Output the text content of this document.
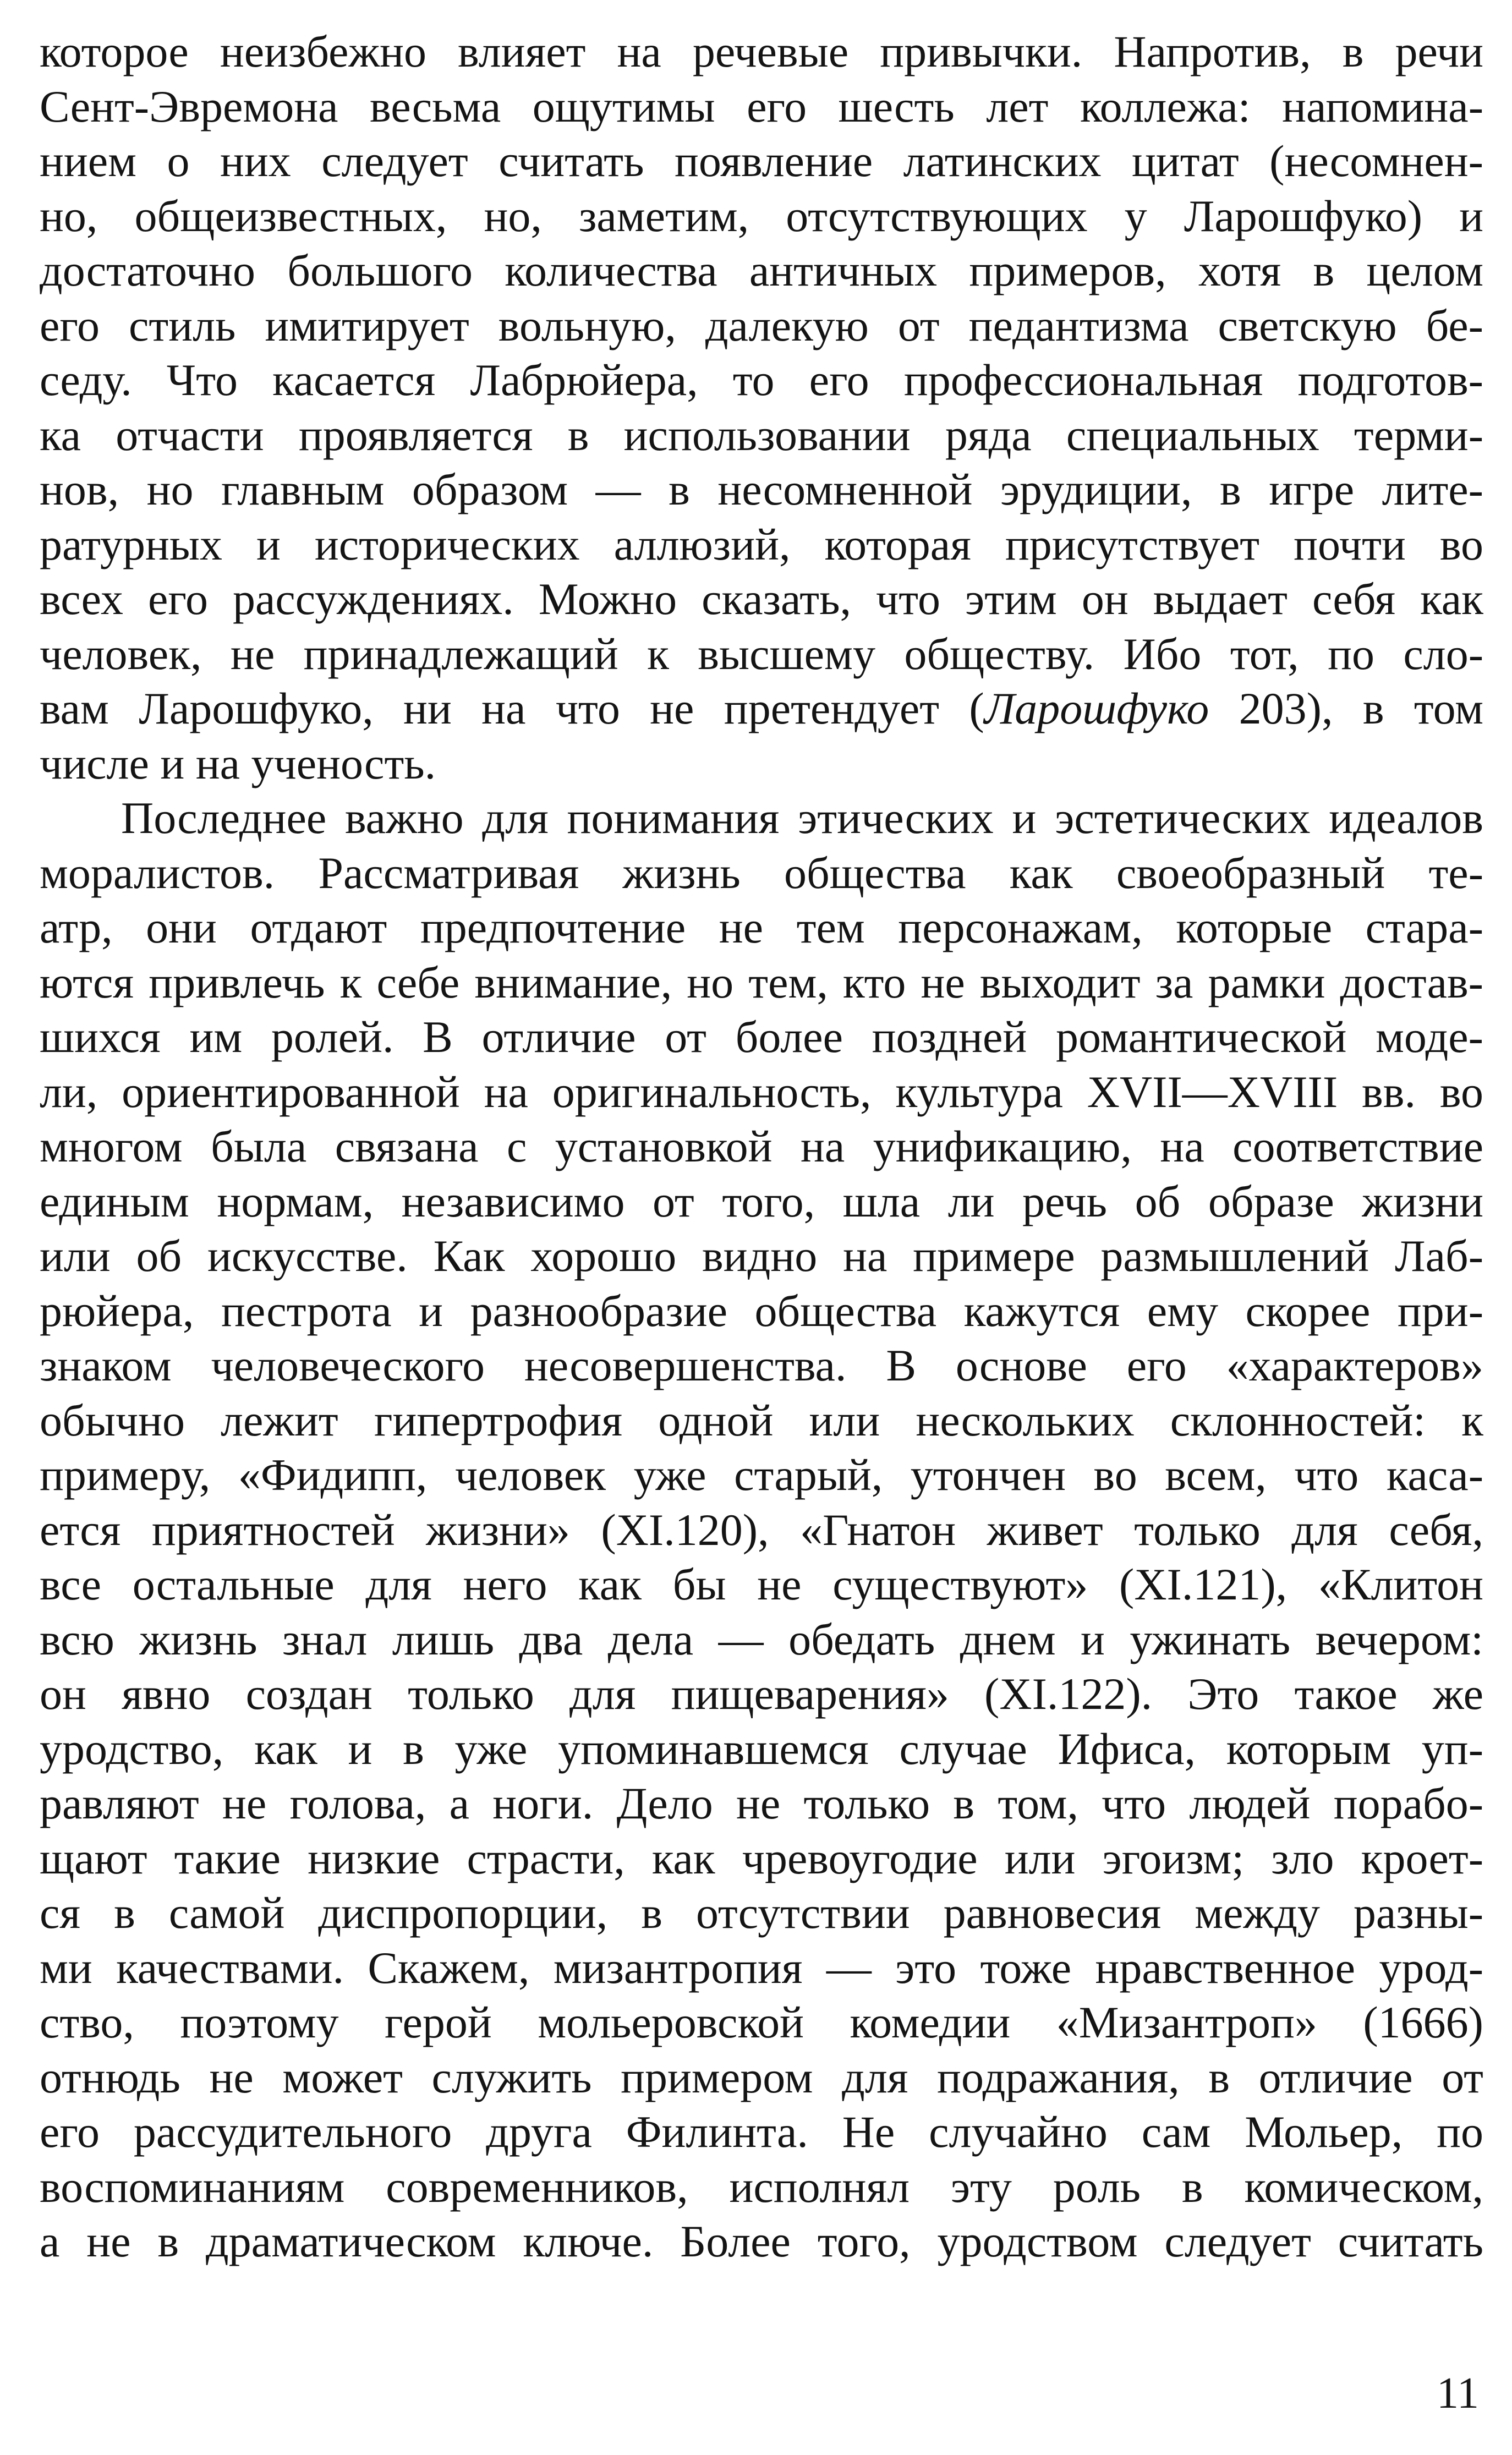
которое неизбежно влияет на речевые привычки. Напротив, в речи
Сент-Эвремона весьма ощутимы его шесть лет коллежа: напомина-
нием о них следует считать появление латинских цитат (несомнен-
но, общеизвестных, но, заметим, отсутствующих у Ларошфуко) и
достаточно большого количества античных примеров, хотя в целом
его стиль имитирует вольную, далекую от педантизма светскую бе-
седу. Что касается Лабрюйера, то его профессиональная подготов-
ка отчасти проявляется в использовании ряда специальных терми-
нов, но главным образом — в несомненной эрудиции, в игре лите-
ратурных и исторических аллюзий, которая присутствует почти во
всех его рассуждениях. Можно сказать, что этим он выдает себя как
человек, не принадлежащий к высшему обществу. Ибо тот, по сло-
вам Ларошфуко, ни на что не претендует (Ларошфуко 203), в том
числе и на ученость.
Последнее важно для понимания этических и эстетических идеалов
моралистов. Рассматривая жизнь общества как своеобразный те-
атр, они отдают предпочтение не тем персонажам, которые стара-
ются привлечь к себе внимание, но тем, кто не выходит за рамки достав-
шихся им ролей. В отличие от более поздней романтической моде-
ли, ориентированной на оригинальность, культура XVII—XVIII вв. во
многом была связана с установкой на унификацию, на соответствие
единым нормам, независимо от того, шла ли речь об образе жизни
или об искусстве. Как хорошо видно на примере размышлений Лаб-
рюйера, пестрота и разнообразие общества кажутся ему скорее при-
знаком человеческого несовершенства. В основе его «характеров»
обычно лежит гипертрофия одной или нескольких склонностей: к
примеру, «Фидипп, человек уже старый, утончен во всем, что каса-
ется приятностей жизни» (XI.120), «Гнатон живет только для себя,
все остальные для него как бы не существуют» (XI.121), «Клитон
всю жизнь знал лишь два дела — обедать днем и ужинать вечером:
он явно создан только для пищеварения» (XI.122). Это такое же
уродство, как и в уже упоминавшемся случае Ифиса, которым уп-
равляют не голова, а ноги. Дело не только в том, что людей порабо-
щают такие низкие страсти, как чревоугодие или эгоизм; зло кроет-
ся в самой диспропорции, в отсутствии равновесия между разны-
ми качествами. Скажем, мизантропия — это тоже нравственное урод-
ство, поэтому герой мольеровской комедии «Мизантроп» (1666)
отнюдь не может служить примером для подражания, в отличие от
его рассудительного друга Филинта. Не случайно сам Мольер, по
воспоминаниям современников, исполнял эту роль в комическом,
а не в драматическом ключе. Более того, уродством следует считать
11
